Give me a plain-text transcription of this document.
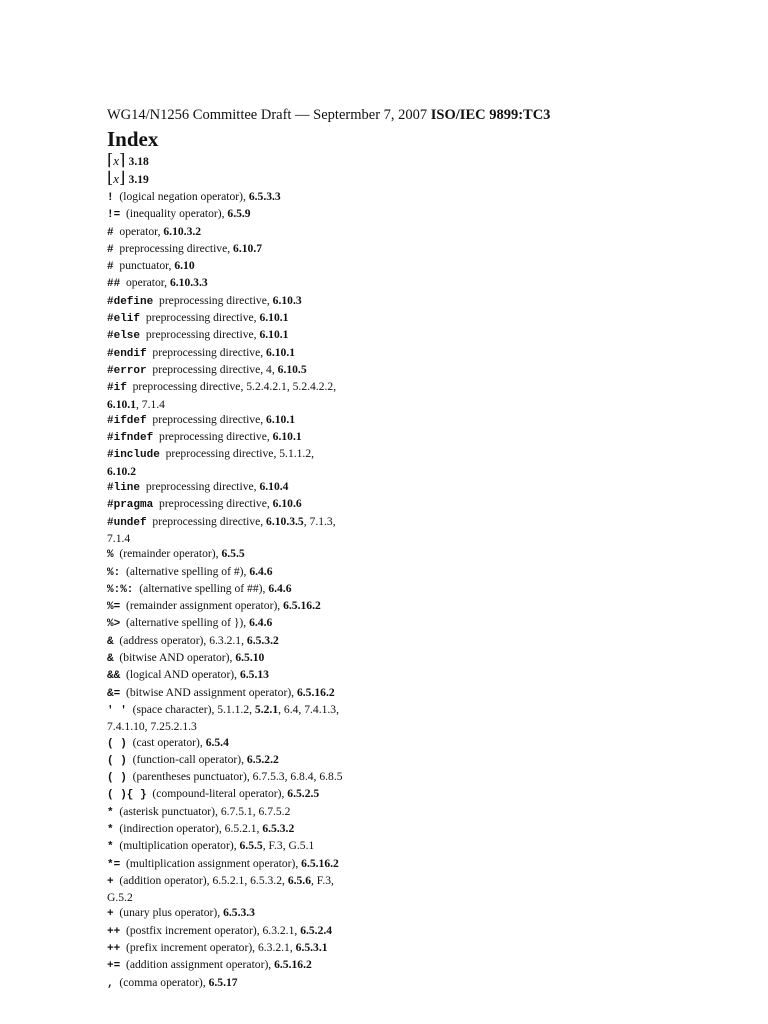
WG14/N1256 Committee Draft — Septermber 7, 2007 ISO/IEC 9899:TC3
Index
⌈x⌉ 3.18
⌊x⌋ 3.19
! (logical negation operator), 6.5.3.3
!= (inequality operator), 6.5.9
# operator, 6.10.3.2
# preprocessing directive, 6.10.7
# punctuator, 6.10
## operator, 6.10.3.3
#define preprocessing directive, 6.10.3
#elif preprocessing directive, 6.10.1
#else preprocessing directive, 6.10.1
#endif preprocessing directive, 6.10.1
#error preprocessing directive, 4, 6.10.5
#if preprocessing directive, 5.2.4.2.1, 5.2.4.2.2,
6.10.1, 7.1.4
#ifdef preprocessing directive, 6.10.1
#ifndef preprocessing directive, 6.10.1
#include preprocessing directive, 5.1.1.2,
6.10.2
#line preprocessing directive, 6.10.4
#pragma preprocessing directive, 6.10.6
#undef preprocessing directive, 6.10.3.5, 7.1.3,
7.1.4
% (remainder operator), 6.5.5
%: (alternative spelling of #), 6.4.6
%:%: (alternative spelling of ##), 6.4.6
%= (remainder assignment operator), 6.5.16.2
%> (alternative spelling of }), 6.4.6
& (address operator), 6.3.2.1, 6.5.3.2
& (bitwise AND operator), 6.5.10
&& (logical AND operator), 6.5.13
&= (bitwise AND assignment operator), 6.5.16.2
' ' (space character), 5.1.1.2, 5.2.1, 6.4, 7.4.1.3,
7.4.1.10, 7.25.2.1.3
( ) (cast operator), 6.5.4
( ) (function-call operator), 6.5.2.2
( ) (parentheses punctuator), 6.7.5.3, 6.8.4, 6.8.5
( ){ } (compound-literal operator), 6.5.2.5
* (asterisk punctuator), 6.7.5.1, 6.7.5.2
* (indirection operator), 6.5.2.1, 6.5.3.2
* (multiplication operator), 6.5.5, F.3, G.5.1
*= (multiplication assignment operator), 6.5.16.2
+ (addition operator), 6.5.2.1, 6.5.3.2, 6.5.6, F.3,
G.5.2
+ (unary plus operator), 6.5.3.3
++ (postfix increment operator), 6.3.2.1, 6.5.2.4
++ (prefix increment operator), 6.3.2.1, 6.5.3.1
+= (addition assignment operator), 6.5.16.2
, (comma operator), 6.5.17
